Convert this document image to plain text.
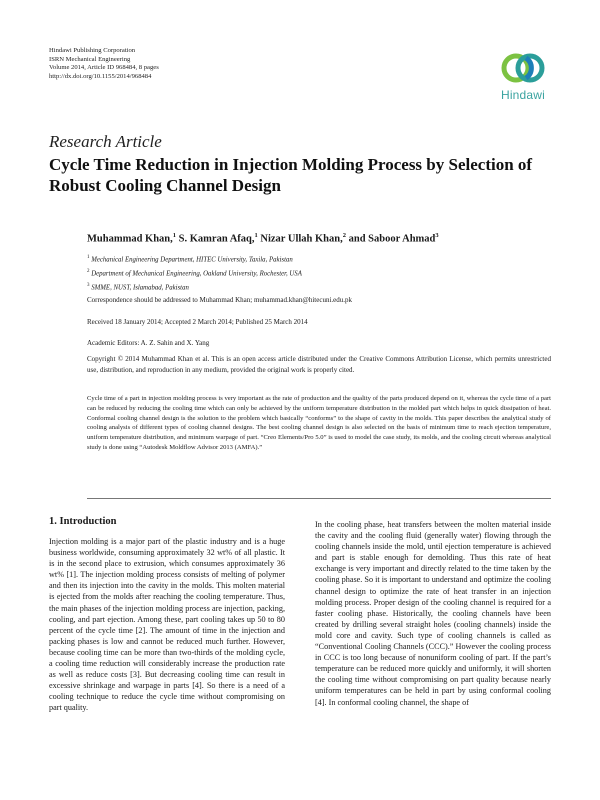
Hindawi Publishing Corporation
ISRN Mechanical Engineering
Volume 2014, Article ID 968484, 8 pages
http://dx.doi.org/10.1155/2014/968484
Hindawi
Research Article
Cycle Time Reduction in Injection Molding Process by Selection of Robust Cooling Channel Design
Muhammad Khan,$^1$ S. Kamran Afaq,$^1$ Nizar Ullah Khan,$^2$ and Saboor Ahmad$^3$
$^1$ Mechanical Engineering Department, HITEC University, Taxila, Pakistan
$^2$ Department of Mechanical Engineering, Oakland University, Rochester, USA
$^3$ SMME, NUST, Islamabad, Pakistan
Correspondence should be addressed to Muhammad Khan; muhammad.khan@hitecuni.edu.pk
Received 18 January 2014; Accepted 2 March 2014; Published 25 March 2014
Academic Editors: A. Z. Sahin and X. Yang

Copyright © 2014 Muhammad Khan et al. This is an open access article distributed under the Creative Commons Attribution License, which permits unrestricted use, distribution, and reproduction in any medium, provided the original work is properly cited.

Cycle time of a part in injection molding process is very important as the rate of production and the quality of the parts produced depend on it, whereas the cycle time of a part can be reduced by reducing the cooling time which can only be achieved by the uniform temperature distribution in the molded part which helps in quick dissipation of heat. Conformal cooling channel design is the solution to the problem which basically “conforms” to the shape of cavity in the molds. This paper describes the analytical study of cooling analysis of different types of cooling channel designs. The best cooling channel design is also selected on the basis of minimum time to reach ejection temperature, uniform temperature distribution, and minimum warpage of part. “Creo Elements/Pro 5.0” is used to model the case study, its molds, and the cooling circuit whereas analytical study is done using “Autodesk Moldflow Advisor 2013 (AMFA).”

1. Introduction

Injection molding is a major part of the plastic industry and is a huge business worldwide, consuming approximately 32 wt% of all plastic. It is in the second place to extrusion, which consumes approximately 36 wt% [1]. The injection molding process consists of melting of polymer and then its injection into the cavity in the molds. This molten material is ejected from the molds after reaching the cooling temperature. Thus, the main phases of the injection molding process are injection, packing, cooling, and part ejection. Among these, part cooling takes up 50 to 80 percent of the cycle time [2]. The amount of time in the injection and packing phases is low and cannot be reduced much further. However, because cooling time can be more than two-thirds of the molding cycle, a cooling time reduction will considerably increase the production rate as well as reduce costs [3]. But decreasing cooling time can result in excessive shrinkage and warpage in parts [4]. So there is a need of a cooling technique to reduce the cycle time without compromising on part quality.

In the cooling phase, heat transfers between the molten material inside the cavity and the cooling fluid (generally water) flowing through the cooling channels inside the mold, until ejection temperature is achieved and part is stable enough for demolding. Thus this rate of heat exchange is very important and directly related to the time taken by the cooling phase. So it is important to understand and optimize the cooling channel design to optimize the rate of heat transfer in an injection molding process. Proper design of the cooling channel is required for a faster cooling phase. Historically, the cooling channels have been created by drilling several straight holes (cooling channels) inside the mold core and cavity. Such type of cooling channels is called as “Conventional Cooling Channels (CCC).” However the cooling process in CCC is too long because of nonuniform cooling of part. If the part’s temperature can be reduced more quickly and uniformly, it will shorten the cooling time without compromising on part quality because nearly uniform temperatures can be held in part by using conformal cooling [4]. In conformal cooling channel, the shape of
